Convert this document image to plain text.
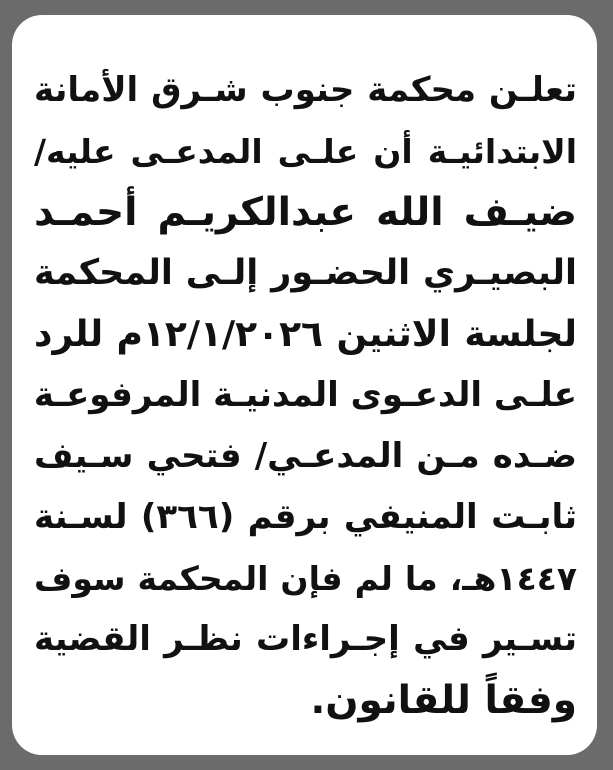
تعلـن محكمة جنوب شـرق الأمانة
الابتدائيـة أن علـى المدعـى عليه/
ضيـف الله عبدالكريـم أحمـد
البصيـري الحضـور إلـى المحكمة
لجلسة الاثنين ١٢/١/٢٠٢٦م للرد
علـى الدعـوى المدنيـة المرفوعـة
ضـده مـن المدعـي/ فتحي سـيف
ثابـت المنيفي برقم (٣٦٦) لسـنة
١٤٤٧هـ، ما لم فإن المحكمة سوف
تسـير في إجـراءات نظـر القضية
وفقاً للقانون.
